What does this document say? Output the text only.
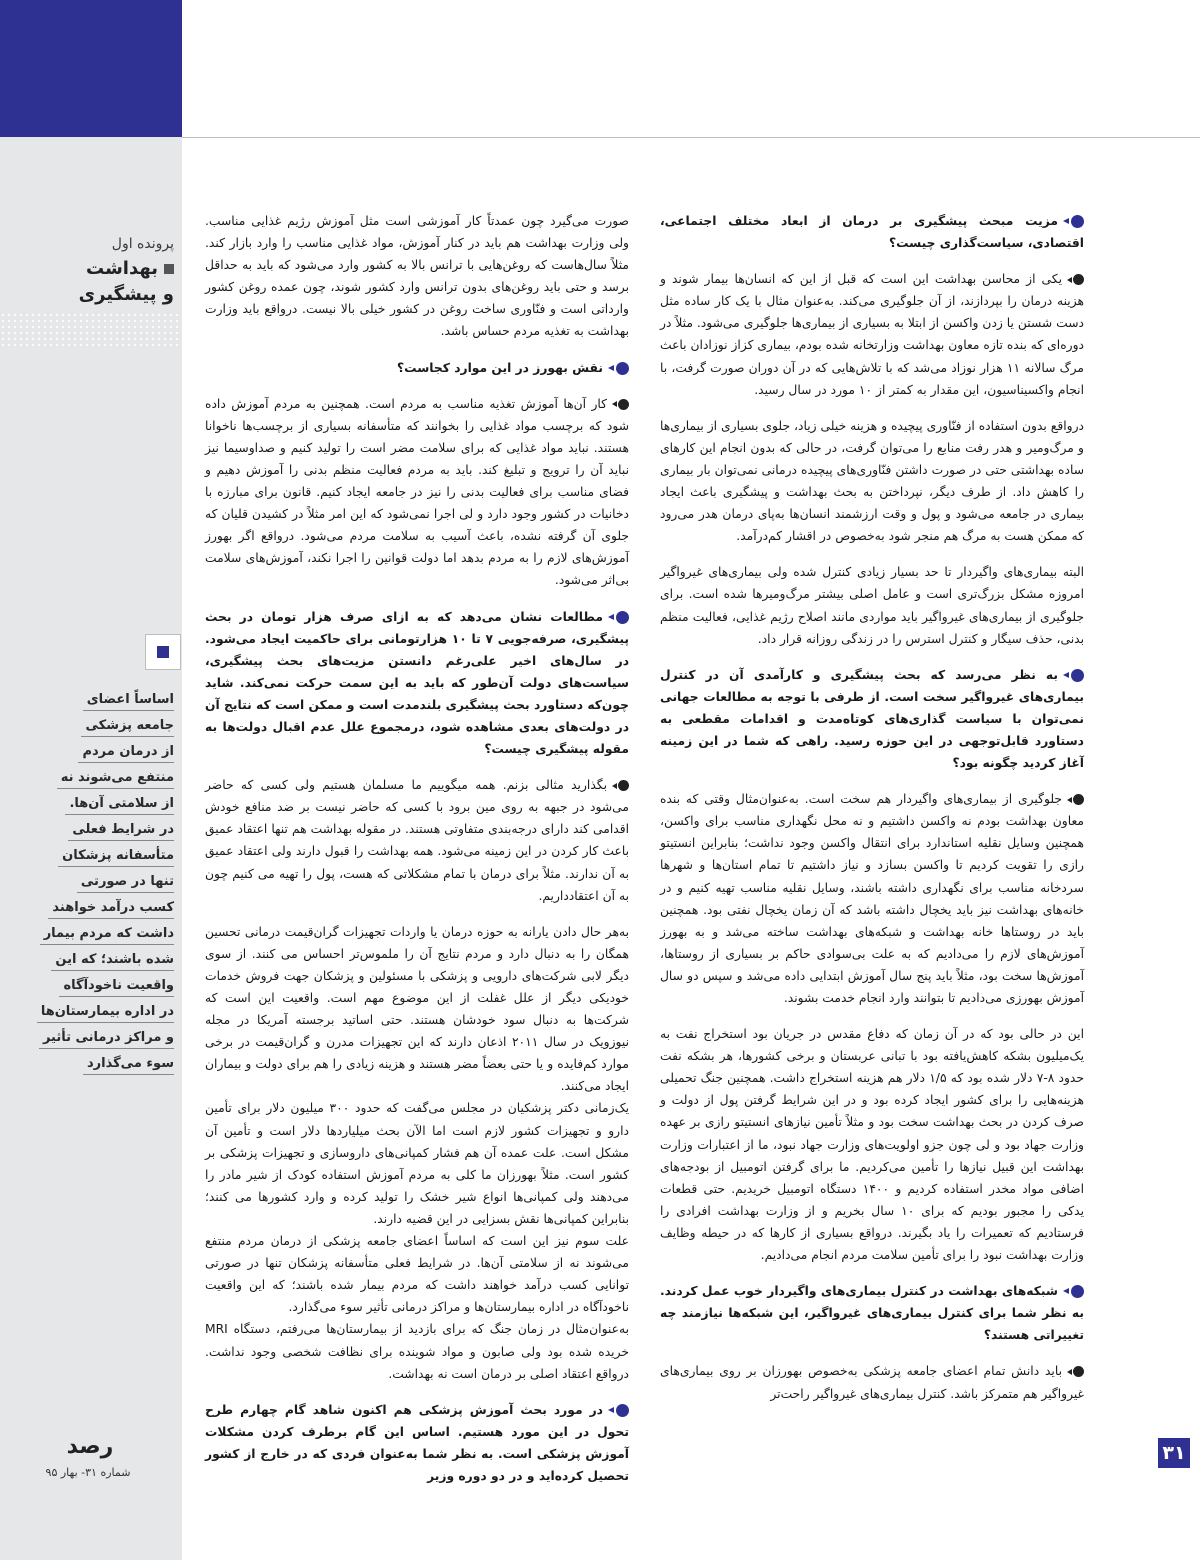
پرونده اول
بهداشت
و پیشگیری
اساساً اعضای
جامعه پزشکی
از درمان مردم
منتفع می‌شوند نه
از سلامتی آن‌ها.
در شرایط فعلی
متأسفانه پزشکان
تنها در صورتی
کسب درآمد خواهند
داشت که مردم بیمار
شده باشند؛ که این
واقعیت ناخودآگاه
در اداره بیمارستان‌ها
و مراکز درمانی تأثیر
سوء می‌گذارد
۳۱
رصد
شماره ۳۱- بهار ۹۵

مزیت مبحث پیشگیری بر درمان از ابعاد مختلف اجتماعی، اقتصادی، سیاست‌گذاری چیست؟

یکی از محاسن بهداشت این است که قبل از این که انسان‌ها بیمار شوند و هزینه درمان را بپردازند، از آن جلوگیری می‌کند. به‌عنوان مثال با یک کار ساده مثل دست شستن یا زدن واکسن از ابتلا به بسیاری از بیماری‌ها جلوگیری می‌شود. مثلاً در دوره‌ای که بنده تازه معاون بهداشت وزارتخانه شده بودم، بیماری کزاز نوزادان باعث مرگ سالانه ۱۱ هزار نوزاد می‌شد که با تلاش‌هایی که در آن دوران صورت گرفت، با انجام واکسیناسیون، این مقدار به کمتر از ۱۰ مورد در سال رسید.

درواقع بدون استفاده از فنّاوری پیچیده و هزینه خیلی زیاد، جلوی بسیاری از بیماری‌ها و مرگ‌ومیر و هدر رفت منابع را می‌توان گرفت، در حالی که بدون انجام این کارهای ساده بهداشتی حتی در صورت داشتن فنّاوری‌های پیچیده درمانی نمی‌توان بار بیماری را کاهش داد. از طرف دیگر، نپرداختن به بحث بهداشت و پیشگیری باعث ایجاد بیماری در جامعه می‌شود و پول و وقت ارزشمند انسان‌ها به‌پای درمان هدر می‌رود که ممکن هست به مرگ هم منجر شود به‌خصوص در اقشار کم‌درآمد.

البته بیماری‌های واگیردار تا حد بسیار زیادی کنترل شده ولی بیماری‌های غیرواگیر امروزه مشکل بزرگ‌تری است و عامل اصلی بیشتر مرگ‌ومیرها شده است. برای جلوگیری از بیماری‌های غیرواگیر باید مواردی مانند اصلاح رژیم غذایی، فعالیت منظم بدنی، حذف سیگار و کنترل استرس را در زندگی روزانه قرار داد.

به نظر می‌رسد که بحث پیشگیری و کارآمدی آن در کنترل بیماری‌های غیرواگیر سخت است. از طرفی با توجه به مطالعات جهانی نمی‌توان با سیاست گذاری‌های کوتاه‌مدت و اقدامات مقطعی به دستاورد قابل‌توجهی در این حوزه رسید. راهی که شما در این زمینه آغاز کردید چگونه بود؟

جلوگیری از بیماری‌های واگیردار هم سخت است. به‌عنوان‌مثال وقتی که بنده معاون بهداشت بودم نه واکسن داشتیم و نه محل نگهداری مناسب برای واکسن، همچنین وسایل نقلیه استاندارد برای انتقال واکسن وجود نداشت؛ بنابراین انستیتو رازی را تقویت کردیم تا واکسن بسازد و نیاز داشتیم تا تمام استان‌ها و شهرها سردخانه مناسب برای نگهداری داشته باشند، وسایل نقلیه مناسب تهیه کنیم و در خانه‌های بهداشت نیز باید یخچال داشته باشد که آن زمان یخچال نفتی بود. همچنین باید در روستاها خانه بهداشت و شبکه‌های بهداشت ساخته می‌شد و به بهورز آموزش‌های لازم را می‌دادیم که به علت بی‌سوادی حاکم بر بسیاری از روستاها، آموزش‌ها سخت بود، مثلاً باید پنج سال آموزش ابتدایی داده می‌شد و سپس دو سال آموزش بهورزی می‌دادیم تا بتوانند وارد انجام خدمت بشوند.

این در حالی بود که در آن زمان که دفاع مقدس در جریان بود استخراج نفت به یک‌میلیون بشکه کاهش‌یافته بود با تبانی عربستان و برخی کشورها، هر بشکه نفت حدود ۸-۷ دلار شده بود که ۱/۵ دلار هم هزینه استخراج داشت. همچنین جنگ تحمیلی هزینه‌هایی را برای کشور ایجاد کرده بود و در این شرایط گرفتن پول از دولت و صرف کردن در بحث بهداشت سخت بود و مثلاً تأمین نیازهای انستیتو رازی بر عهده وزارت جهاد بود و لی چون جزو اولویت‌های وزارت جهاد نبود، ما از اعتبارات وزارت بهداشت این قبیل نیازها را تأمین می‌کردیم. ما برای گرفتن اتومبیل از بودجه‌های اضافی مواد مخدر استفاده کردیم و ۱۴۰۰ دستگاه اتومبیل خریدیم. حتی قطعات یدکی را مجبور بودیم که برای ۱۰ سال بخریم و از وزارت بهداشت افرادی را فرستادیم که تعمیرات را یاد بگیرند. درواقع بسیاری از کارها که در حیطه وظایف وزارت بهداشت نبود را برای تأمین سلامت مردم انجام می‌دادیم.

شبکه‌های بهداشت در کنترل بیماری‌های واگیردار خوب عمل کردند. به نظر شما برای کنترل بیماری‌های غیرواگیر، این شبکه‌ها نیازمند چه تغییراتی هستند؟

باید دانش تمام اعضای جامعه پزشکی به‌خصوص بهورزان بر روی بیماری‌های غیرواگیر هم متمرکز باشد. کنترل بیماری‌های غیرواگیر راحت‌تر

صورت می‌گیرد چون عمدتاً کار آموزشی است مثل آموزش رژیم غذایی مناسب. ولی وزارت بهداشت هم باید در کنار آموزش، مواد غذایی مناسب را وارد بازار کند. مثلاً سال‌هاست که روغن‌هایی با ترانس بالا به کشور وارد می‌شود که باید به حداقل برسد و حتی باید روغن‌های بدون ترانس وارد کشور شوند، چون عمده روغن کشور وارداتی است و فنّاوری ساخت روغن در کشور خیلی بالا نیست. درواقع باید وزارت بهداشت به تغذیه مردم حساس باشد.

نقش بهورز در این موارد کجاست؟

کار آن‌ها آموزش تغذیه مناسب به مردم است. همچنین به مردم آموزش داده شود که برچسب مواد غذایی را بخوانند که متأسفانه بسیاری از برچسب‌ها ناخوانا هستند. نباید مواد غذایی که برای سلامت مضر است را تولید کنیم و صداوسیما نیز نباید آن را ترویج و تبلیغ کند. باید به مردم فعالیت منظم بدنی را آموزش دهیم و فضای مناسب برای فعالیت بدنی را نیز در جامعه ایجاد کنیم. قانون برای مبارزه با دخانیات در کشور وجود دارد و لی اجرا نمی‌شود که این امر مثلاً در کشیدن قلیان که جلوی آن گرفته نشده، باعث آسیب به سلامت مردم می‌شود. درواقع اگر بهورز آموزش‌های لازم را به مردم بدهد اما دولت قوانین را اجرا نکند، آموزش‌های سلامت بی‌اثر می‌شود.

مطالعات نشان می‌دهد که به ازای صرف هزار تومان در بحث پیشگیری، صرفه‌جویی ۷ تا ۱۰ هزارتومانی برای حاکمیت ایجاد می‌شود. در سال‌های اخیر علی‌رغم دانستن مزیت‌های بحث پیشگیری، سیاست‌های دولت آن‌طور که باید به این سمت حرکت نمی‌کند. شاید چون‌که دستاورد بحث پیشگیری بلندمدت است و ممکن است که نتایج آن در دولت‌های بعدی مشاهده شود، درمجموع علل عدم اقبال دولت‌ها به مقوله پیشگیری چیست؟

بگذارید مثالی بزنم. همه میگوییم ما مسلمان هستیم ولی کسی که حاضر می‌شود در جبهه به روی مین برود با کسی که حاضر نیست بر ضد منافع خودش اقدامی کند دارای درجه‌بندی متفاوتی هستند. در مقوله بهداشت هم تنها اعتقاد عمیق باعث کار کردن در این زمینه می‌شود. همه بهداشت را قبول دارند ولی اعتقاد عمیق به آن ندارند. مثلاً برای درمان با تمام مشکلاتی که هست، پول را تهیه می کنیم چون به آن اعتقادداریم.

به‌هر حال دادن یارانه به حوزه درمان یا واردات تجهیزات گران‌قیمت درمانی تحسین همگان را به دنبال دارد و مردم نتایج آن را ملموس‌تر احساس می کنند. از سوی دیگر لابی شرکت‌های دارویی و پزشکی با مسئولین و پزشکان جهت فروش خدمات خودیکی دیگر از علل غفلت از این موضوع مهم است. واقعیت این است که شرکت‌ها به دنبال سود خودشان هستند. حتی اساتید برجسته آمریکا در مجله نیوزویک در سال ۲۰۱۱ اذعان دارند که این تجهیزات مدرن و گران‌قیمت در برخی موارد کم‌فایده و یا حتی بعضاً مضر هستند و هزینه زیادی را هم برای دولت و بیماران ایجاد می‌کنند.

یک‌زمانی دکتر پزشکیان در مجلس می‌گفت که حدود ۳۰۰ میلیون دلار برای تأمین دارو و تجهیزات کشور لازم است اما الآن بحث میلیاردها دلار است و تأمین آن مشکل است. علت عمده آن هم فشار کمپانی‌های داروسازی و تجهیزات پزشکی بر کشور است. مثلاً بهورزان ما کلی به مردم آموزش استفاده کودک از شیر مادر را می‌دهند ولی کمپانی‌ها انواع شیر خشک را تولید کرده و وارد کشورها می‌ کنند؛ بنابراین کمپانی‌ها نقش بسزایی در این قضیه دارند.

علت سوم نیز این است که اساساً اعضای جامعه پزشکی از درمان مردم منتفع می‌شوند نه از سلامتی آن‌ها. در شرایط فعلی متأسفانه پزشکان تنها در صورتی توانایی کسب درآمد خواهند داشت که مردم بیمار شده باشند؛ که این واقعیت ناخودآگاه در اداره بیمارستان‌ها و مراکز درمانی تأثیر سوء می‌گذارد.

به‌عنوان‌مثال در زمان جنگ که برای بازدید از بیمارستان‌ها می‌رفتم، دستگاه MRI خریده شده بود ولی صابون و مواد شوینده برای نظافت شخصی وجود نداشت. درواقع اعتقاد اصلی بر درمان است نه بهداشت.

در مورد بحث آموزش پزشکی هم اکنون شاهد گام چهارم طرح تحول در این مورد هستیم. اساس این گام برطرف کردن مشکلات آموزش پزشکی است. به نظر شما به‌عنوان فردی که در خارج از کشور تحصیل کرده‌اید و در دو دوره وزیر
